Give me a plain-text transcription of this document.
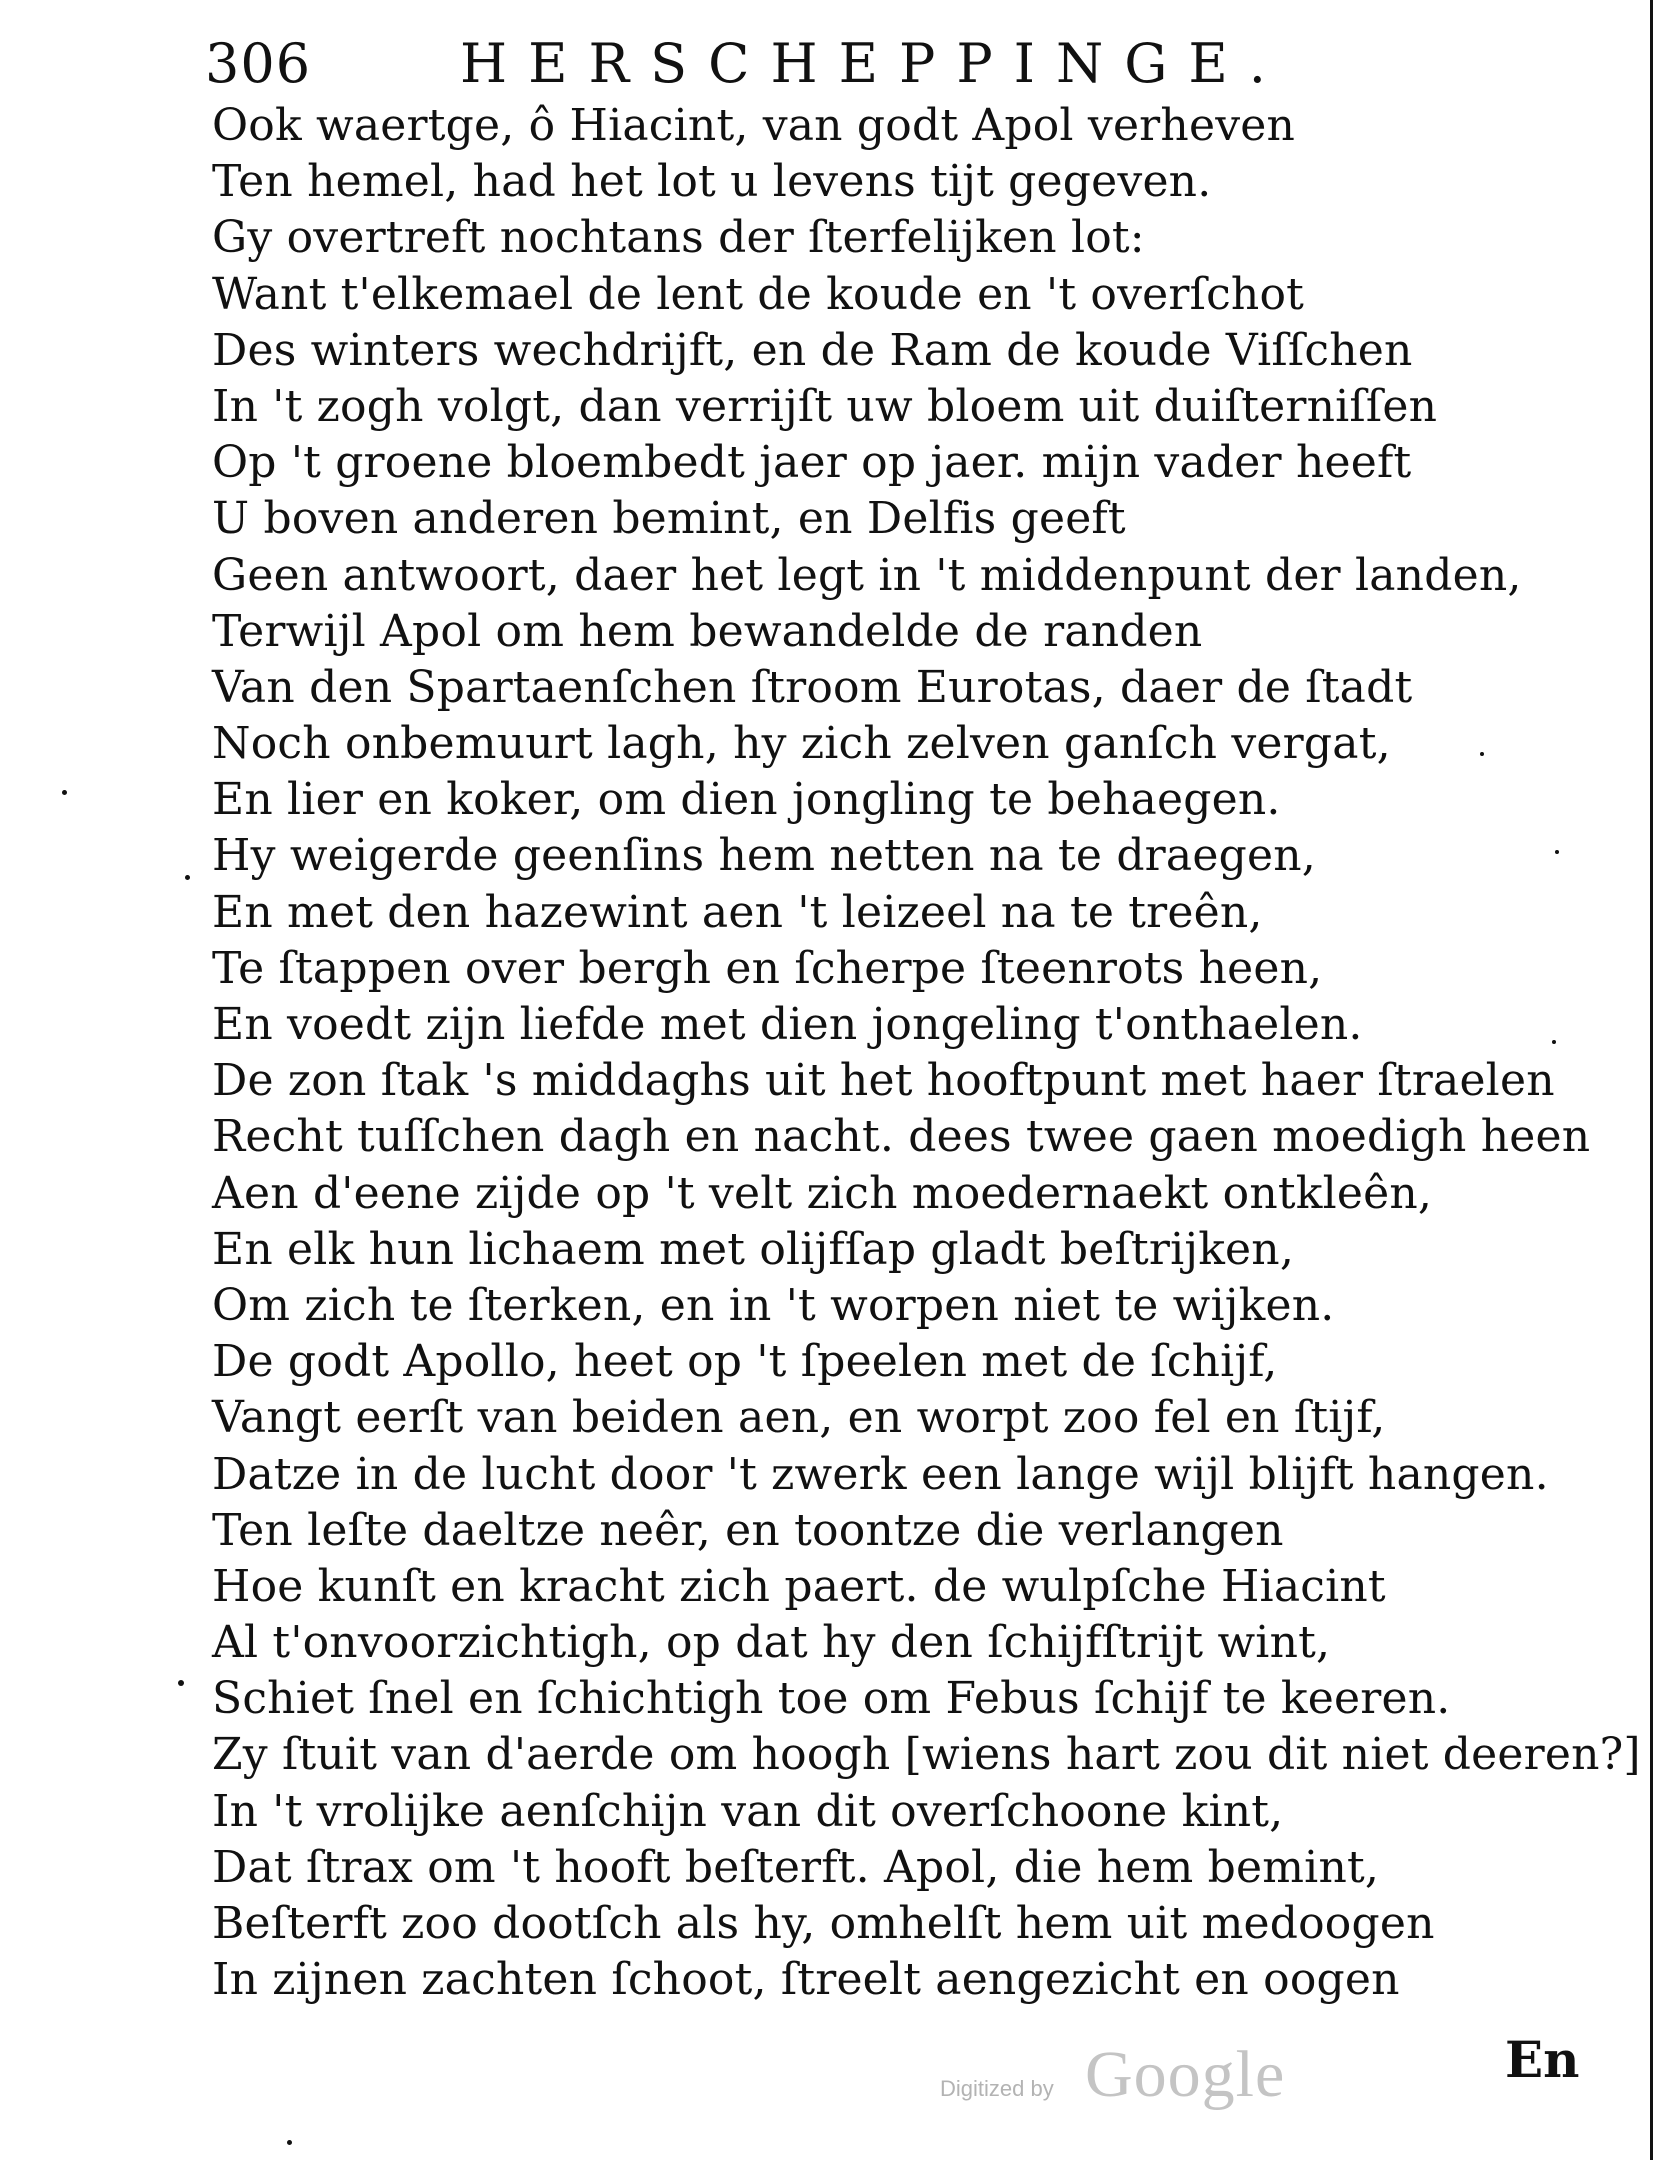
306	HERSCHEPPINGE.
Ook waertge, ô Hiacint, van godt Apol verheven
Ten hemel, had het lot u levens tijt gegeven.
Gy overtreft nochtans der ſterfelijken lot:
Want t'elkemael de lent de koude en 't overſchot
Des winters wechdrijft, en de Ram de koude Viſſchen
In 't zogh volgt, dan verrijſt uw bloem uit duiſterniſſen
Op 't groene bloembedt jaer op jaer. mijn vader heeft
U boven anderen bemint, en Delfis geeft
Geen antwoort, daer het legt in 't middenpunt der landen,
Terwijl Apol om hem bewandelde de randen
Van den Spartaenſchen ſtroom Eurotas, daer de ſtadt
Noch onbemuurt lagh, hy zich zelven ganſch vergat,
En lier en koker, om dien jongling te behaegen.
Hy weigerde geenſins hem netten na te draegen,
En met den hazewint aen 't leizeel na te treên,
Te ſtappen over bergh en ſcherpe ſteenrots heen,
En voedt zijn liefde met dien jongeling t'onthaelen.
De zon ſtak 's middaghs uit het hooftpunt met haer ſtraelen
Recht tuſſchen dagh en nacht. dees twee gaen moedigh heen
Aen d'eene zijde op 't velt zich moedernaekt ontkleên,
En elk hun lichaem met olijfſap gladt beſtrijken,
Om zich te ſterken, en in 't worpen niet te wijken.
De godt Apollo, heet op 't ſpeelen met de ſchijf,
Vangt eerſt van beiden aen, en worpt zoo fel en ſtijf,
Datze in de lucht door 't zwerk een lange wijl blijft hangen.
Ten leſte daeltze neêr, en toontze die verlangen
Hoe kunſt en kracht zich paert. de wulpſche Hiacint
Al t'onvoorzichtigh, op dat hy den ſchijfſtrijt wint,
Schiet ſnel en ſchichtigh toe om Febus ſchijf te keeren.
Zy ſtuit van d'aerde om hoogh [wiens hart zou dit niet deeren?]
In 't vrolijke aenſchijn van dit overſchoone kint,
Dat ſtrax om 't hooft beſterft. Apol, die hem bemint,
Beſterft zoo dootſch als hy, omhelſt hem uit medoogen
In zijnen zachten ſchoot, ſtreelt aengezicht en oogen
En
Digitized by Google
